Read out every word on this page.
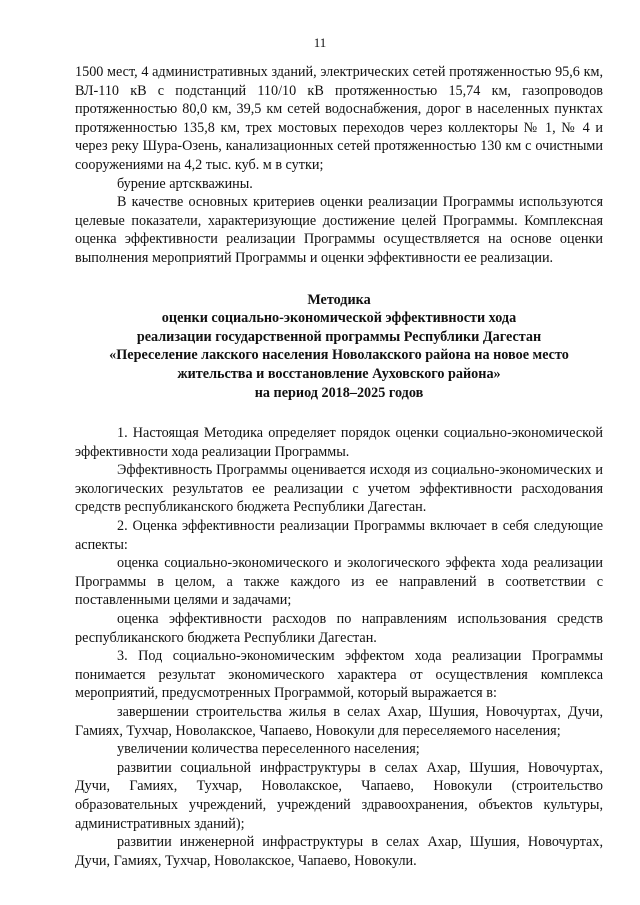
11

1500 мест, 4 административных зданий, электрических сетей протяженностью 95,6 км, ВЛ-110 кВ с подстанций 110/10 кВ протяженностью 15,74 км, газопроводов протяженностью 80,0 км, 39,5 км сетей водоснабжения, дорог в населенных пунктах протяженностью 135,8 км, трех мостовых переходов через коллекторы № 1, № 4 и через реку Шура-Озень, канализационных сетей протяженностью 130 км с очистными сооружениями на 4,2 тыс. куб. м в сутки;

бурение артскважины.

В качестве основных критериев оценки реализации Программы используются целевые показатели, характеризующие достижение целей Программы. Комплексная оценка эффективности реализации Программы осуществляется на основе оценки выполнения мероприятий Программы и оценки эффективности ее реализации.

Методика
оценки социально-экономической эффективности хода
реализации государственной программы Республики Дагестан
«Переселение лакского населения Новолакского района на новое место
жительства и восстановление Ауховского района»
на период 2018–2025 годов

1. Настоящая Методика определяет порядок оценки социально-экономической эффективности хода реализации Программы.

Эффективность Программы оценивается исходя из социально-экономических и экологических результатов ее реализации с учетом эффективности расходования средств республиканского бюджета Республики Дагестан.

2. Оценка эффективности реализации Программы включает в себя следующие аспекты:

оценка социально-экономического и экологического эффекта хода реализации Программы в целом, а также каждого из ее направлений в соответствии с поставленными целями и задачами;

оценка эффективности расходов по направлениям использования средств республиканского бюджета Республики Дагестан.

3. Под социально-экономическим эффектом хода реализации Программы понимается результат экономического характера от осуществления комплекса мероприятий, предусмотренных Программой, который выражается в:

завершении строительства жилья в селах Ахар, Шушия, Новочуртах, Дучи, Гамиях, Тухчар, Новолакское, Чапаево, Новокули для переселяемого населения;

увеличении количества переселенного населения;

развитии социальной инфраструктуры в селах Ахар, Шушия, Новочуртах, Дучи, Гамиях, Тухчар, Новолакское, Чапаево, Новокули (строительство образовательных учреждений, учреждений здравоохранения, объектов культуры, административных зданий);

развитии инженерной инфраструктуры в селах Ахар, Шушия, Новочуртах, Дучи, Гамиях, Тухчар, Новолакское, Чапаево, Новокули.
